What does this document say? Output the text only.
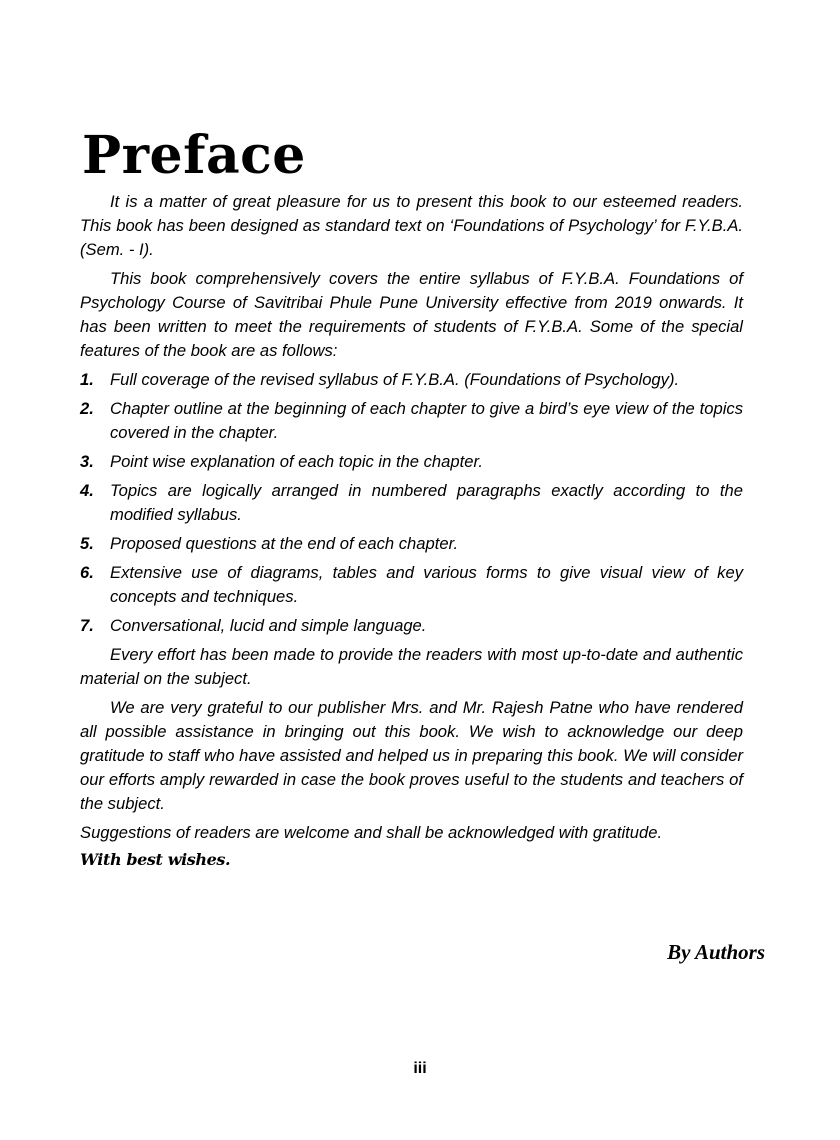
Preface

It is a matter of great pleasure for us to present this book to our esteemed readers. This book has been designed as standard text on ‘Foundations of Psychology’ for F.Y.B.A. (Sem. - I).

This book comprehensively covers the entire syllabus of F.Y.B.A. Foundations of Psychology Course of Savitribai Phule Pune University effective from 2019 onwards. It has been written to meet the requirements of students of F.Y.B.A. Some of the special features of the book are as follows:

1. Full coverage of the revised syllabus of F.Y.B.A. (Foundations of Psychology).
2. Chapter outline at the beginning of each chapter to give a bird’s eye view of the topics covered in the chapter.
3. Point wise explanation of each topic in the chapter.
4. Topics are logically arranged in numbered paragraphs exactly according to the modified syllabus.
5. Proposed questions at the end of each chapter.
6. Extensive use of diagrams, tables and various forms to give visual view of key concepts and techniques.
7. Conversational, lucid and simple language.

Every effort has been made to provide the readers with most up-to-date and authentic material on the subject.

We are very grateful to our publisher Mrs. and Mr. Rajesh Patne who have rendered all possible assistance in bringing out this book. We wish to acknowledge our deep gratitude to staff who have assisted and helped us in preparing this book. We will consider our efforts amply rewarded in case the book proves useful to the students and teachers of the subject.

Suggestions of readers are welcome and shall be acknowledged with gratitude.

With best wishes.

By Authors
iii
